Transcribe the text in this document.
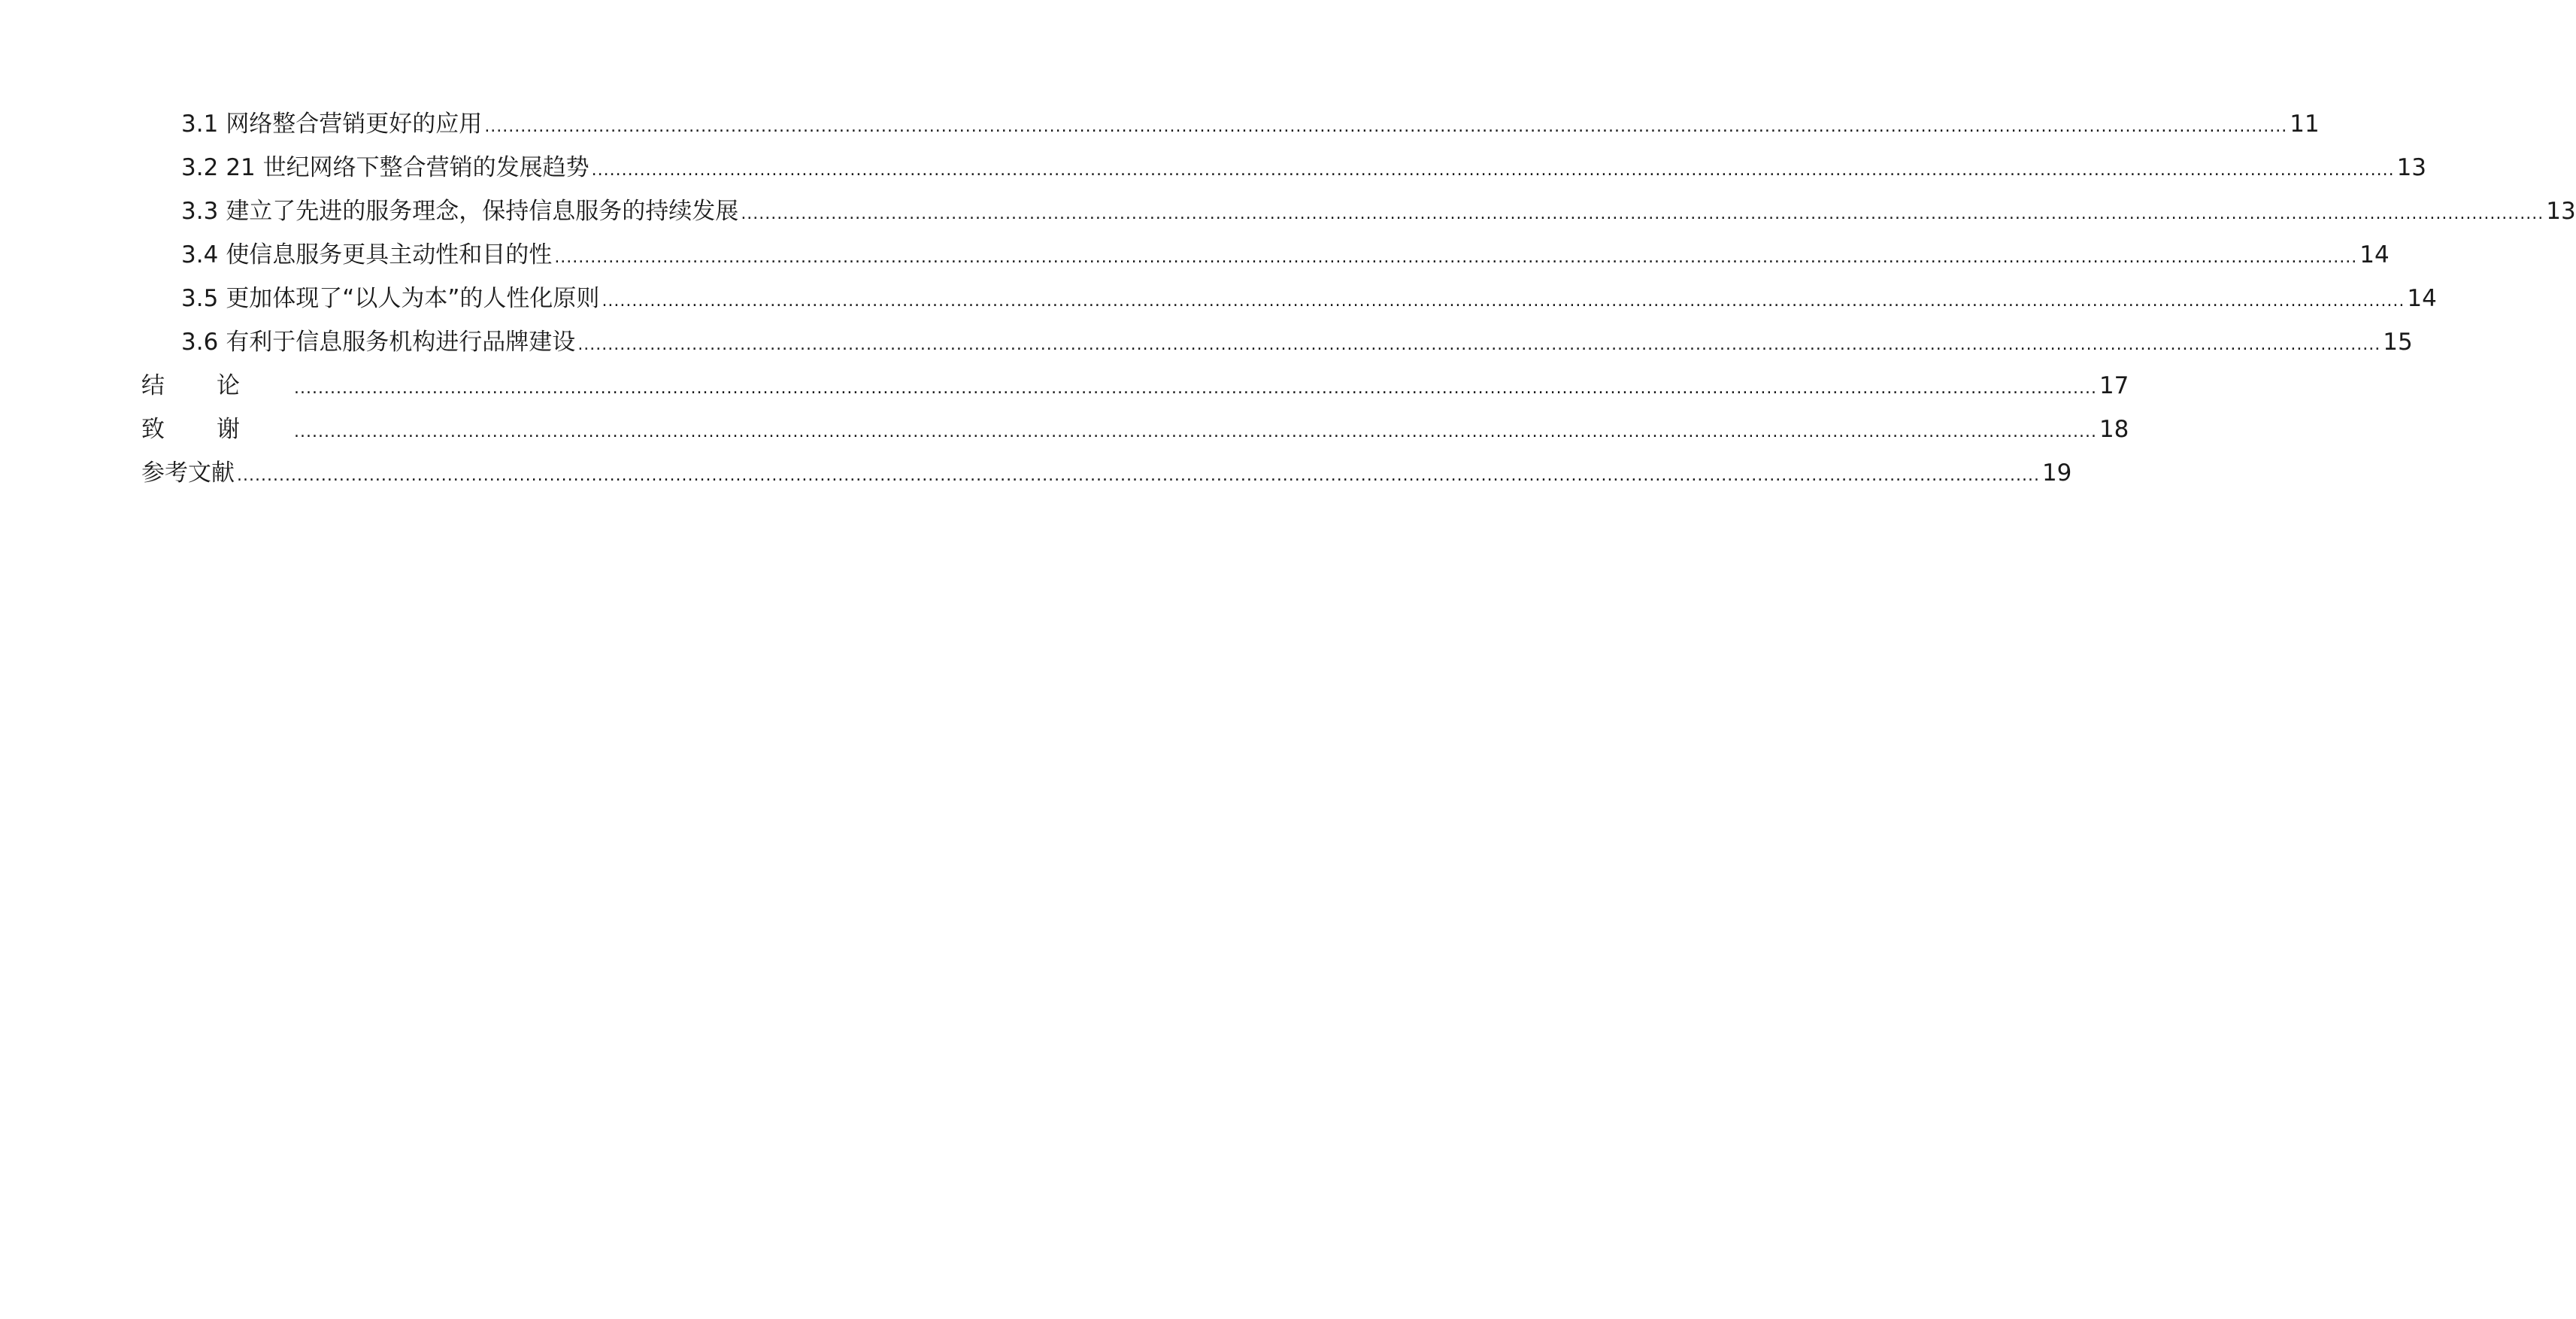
3.1 网络整合营销更好的应用 ............................................................................................................................................................................................................................................................................................................ 11
3.2 21 世纪网络下整合营销的发展趋势 ............................................................................................................................................................................................................................................................................................................ 13
3.3 建立了先进的服务理念，保持信息服务的持续发展 ............................................................................................................................................................................................................................................................................................................ 13
3.4 使信息服务更具主动性和目的性 ............................................................................................................................................................................................................................................................................................................ 14
3.5 更加体现了“以人为本”的人性化原则 ............................................................................................................................................................................................................................................................................................................ 14
3.6 有利于信息服务机构进行品牌建设 ............................................................................................................................................................................................................................................................................................................ 15
结论 ............................................................................................................................................................................................................................................................................................................ 17
致谢 ............................................................................................................................................................................................................................................................................................................ 18
参考文献 ............................................................................................................................................................................................................................................................................................................ 19
